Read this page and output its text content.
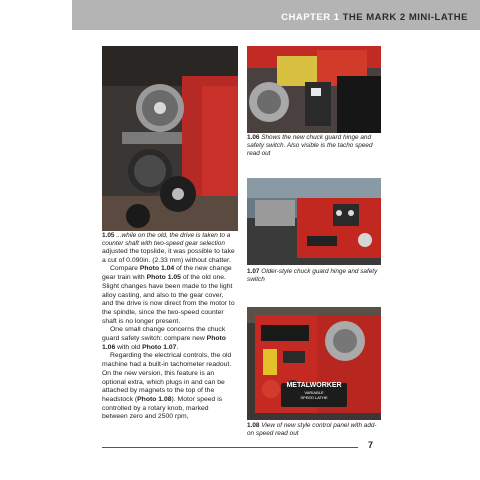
CHAPTER 1 THE MARK 2 MINI-LATHE
1.05 ...while on the old, the drive is taken to a counter shaft with two-speed gear selection
1.06 Shows the new chuck guard hinge and safety switch. Also visible is the tacho speed read out
1.07 Older-style chuck guard hinge and safety switch
METALWORKER
VARIABLE
SPEED LATHE
1.08 View of new style control panel with add-on speed read out

adjusted the topslide, it was possible to take a cut of 0.090in. (2.33 mm) without chatter.

Compare Photo 1.04 of the new change gear train with Photo 1.05 of the old one. Slight changes have been made to the light alloy casting, and also to the gear cover, and the drive is now direct from the motor to the spindle, since the two-speed counter shaft is no longer present.

One small change concerns the chuck guard safety switch: compare new Photo 1.06 with old Photo 1.07.

Regarding the electrical controls, the old machine had a built-in tachometer readout. On the new version, this feature is an optional extra, which plugs in and can be attached by magnets to the top of the headstock (Photo 1.08). Motor speed is controlled by a rotary knob, marked between zero and 2500 rpm,

7
